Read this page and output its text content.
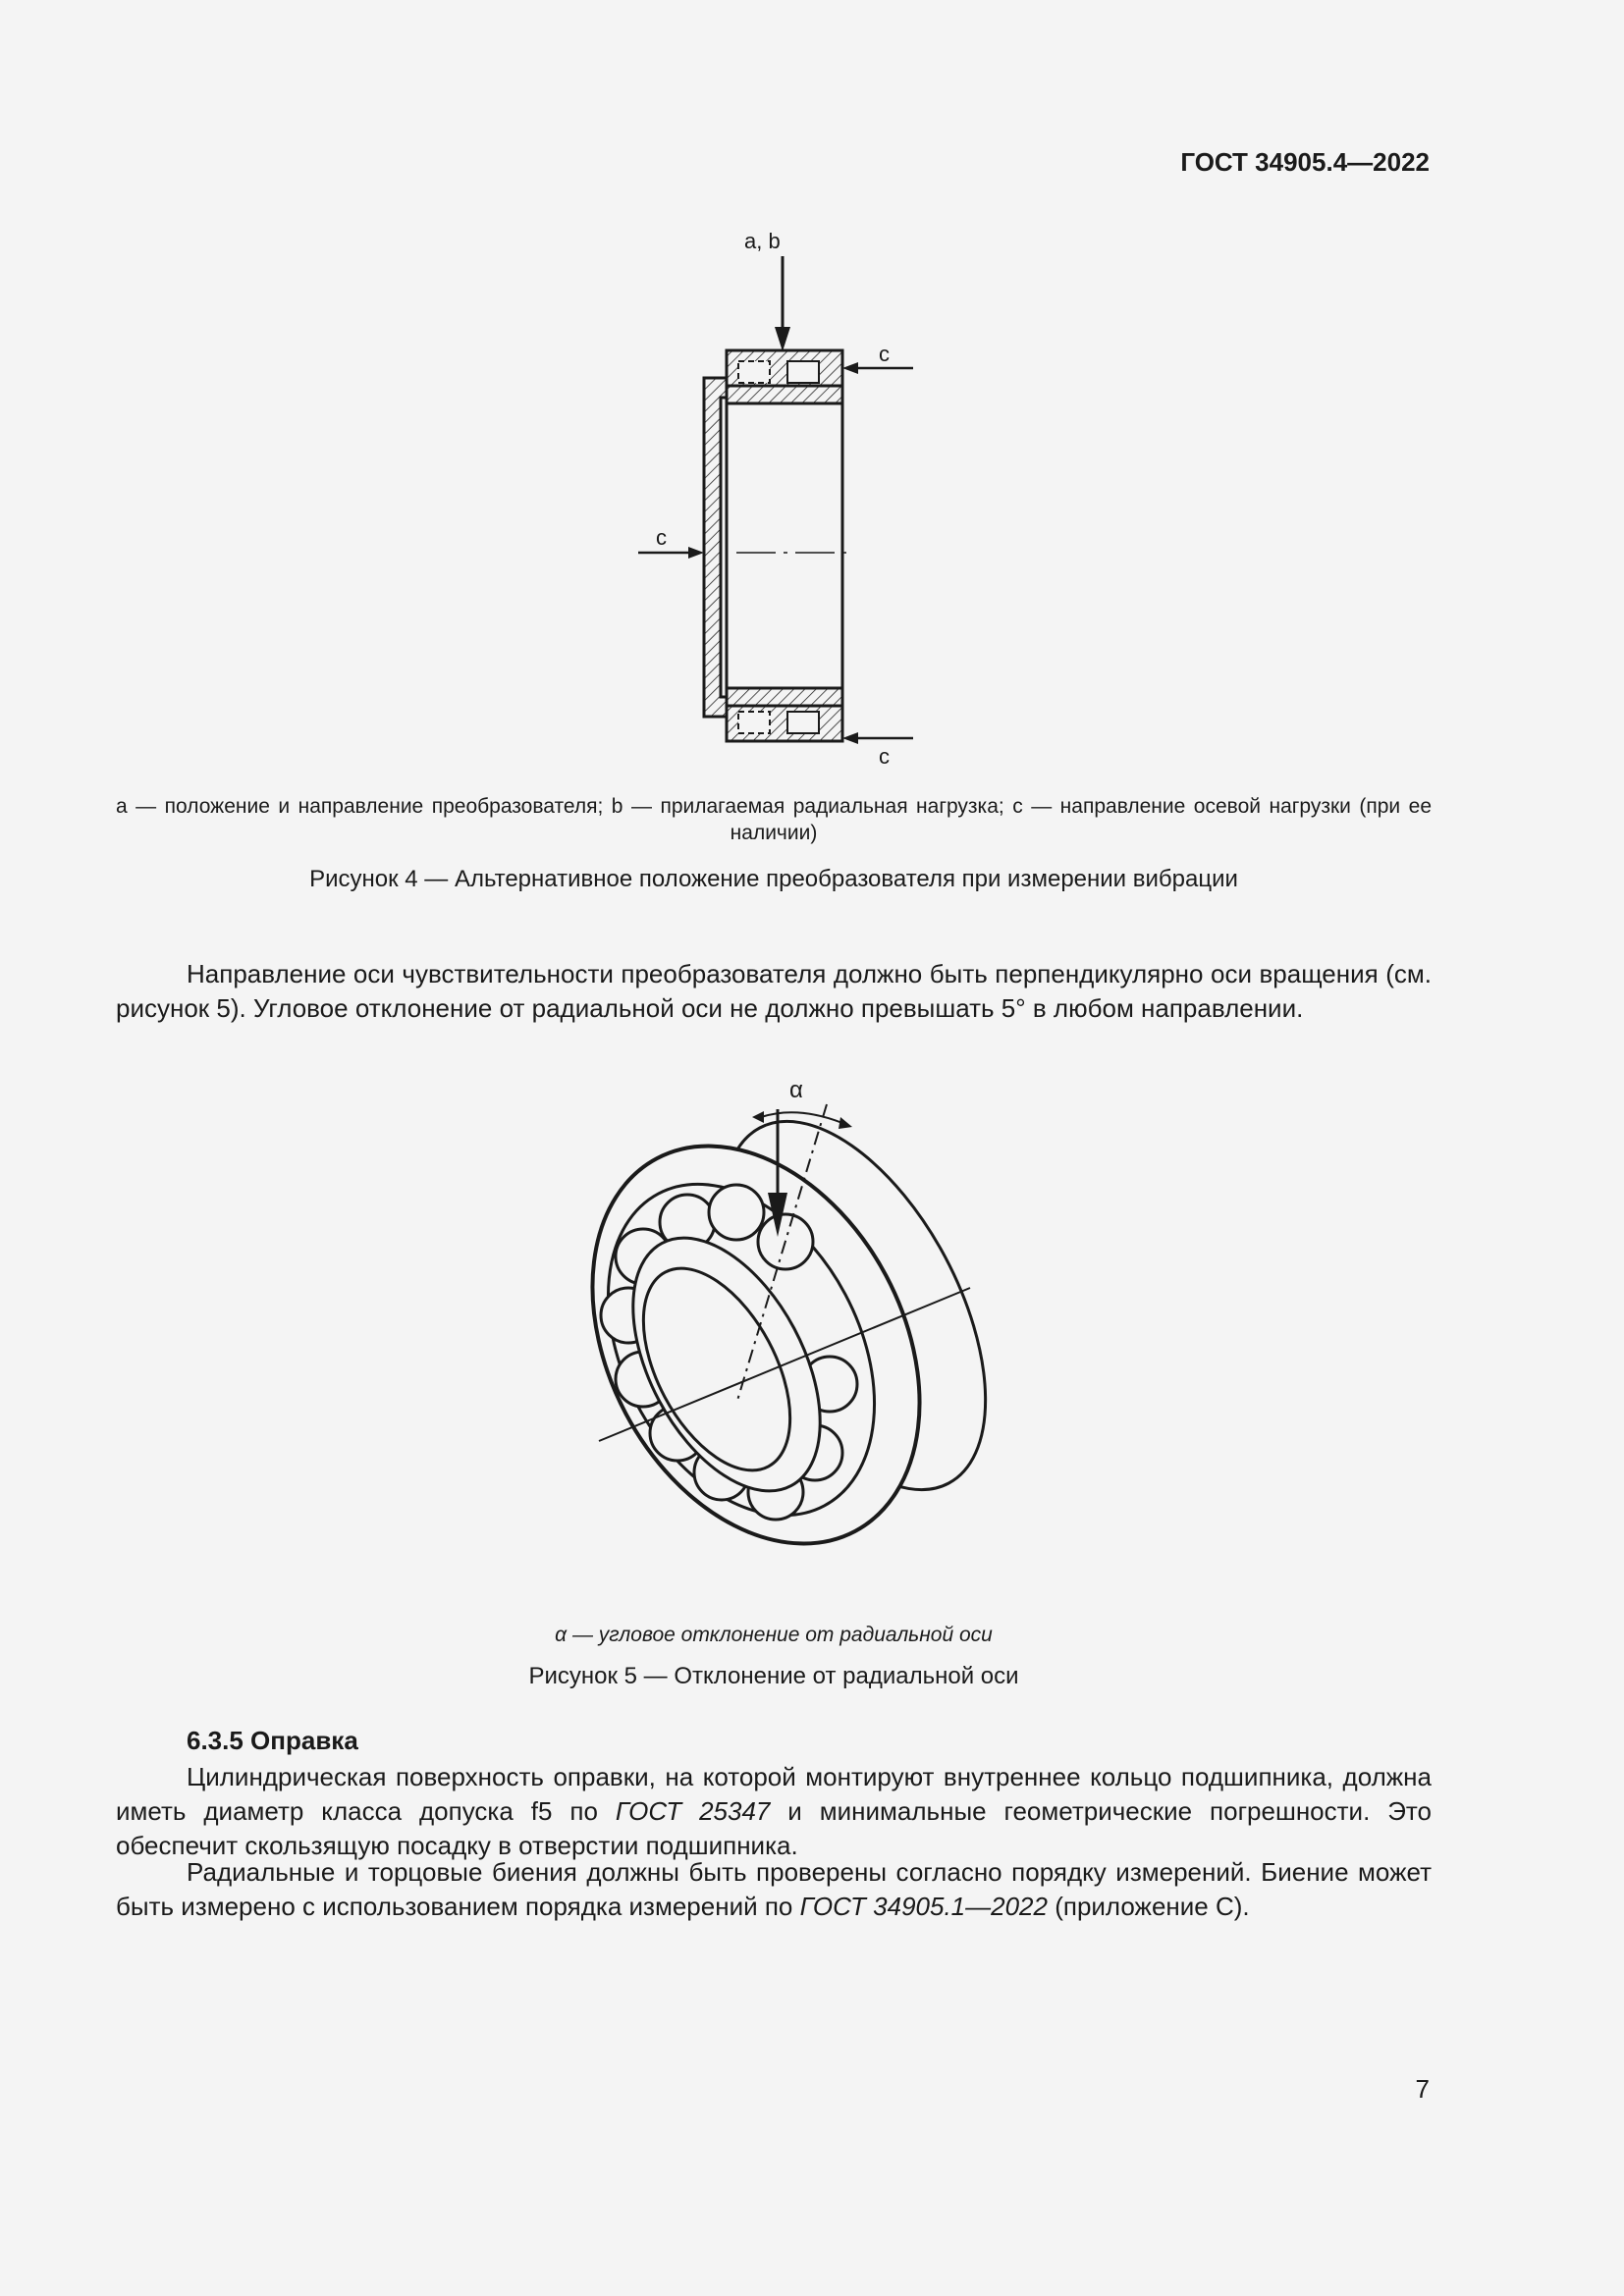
ГОСТ 34905.4—2022
a, b
c
c
c
a — положение и направление преобразователя; b — прилагаемая радиальная нагрузка; c — направление осевой нагрузки (при ее наличии)
Рисунок 4 — Альтернативное положение преобразователя при измерении вибрации
Направление оси чувствительности преобразователя должно быть перпендикулярно оси вращения (см. рисунок 5). Угловое отклонение от радиальной оси не должно превышать 5° в любом направлении.
α
α — угловое отклонение от радиальной оси
Рисунок 5 — Отклонение от радиальной оси
6.3.5 Оправка
Цилиндрическая поверхность оправки, на которой монтируют внутреннее кольцо подшипника, должна иметь диаметр класса допуска f5 по ГОСТ 25347 и минимальные геометрические погрешности. Это обеспечит скользящую посадку в отверстии подшипника.
Радиальные и торцовые биения должны быть проверены согласно порядку измерений. Биение может быть измерено с использованием порядка измерений по ГОСТ 34905.1—2022 (приложение С).
7
